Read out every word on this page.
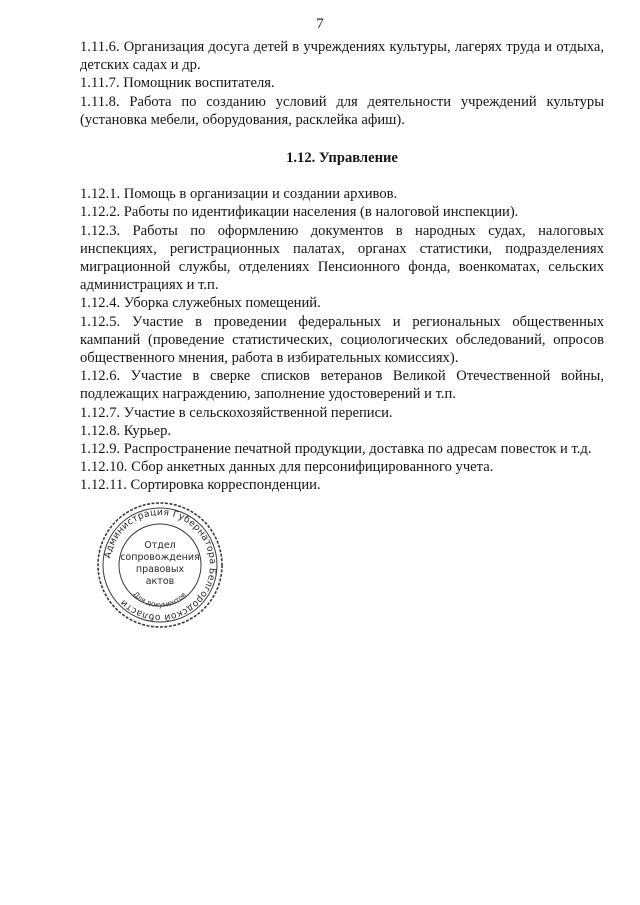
7

1.11.6. Организация досуга детей в учреждениях культуры, лагерях труда и отдыха, детских садах и др.

1.11.7. Помощник воспитателя.

1.11.8. Работа по созданию условий для деятельности учреждений культуры (установка мебели, оборудования, расклейка афиш).

1.12. Управление

1.12.1. Помощь в организации и создании архивов.

1.12.2. Работы по идентификации населения (в налоговой инспекции).

1.12.3. Работы по оформлению документов в народных судах, налоговых инспекциях, регистрационных палатах, органах статистики, подразделениях миграционной службы, отделениях Пенсионного фонда, военкоматах, сельских администрациях и т.п.

1.12.4. Уборка служебных помещений.

1.12.5. Участие в проведении федеральных и региональных общественных кампаний (проведение статистических, социологических обследований, опросов общественного мнения, работа в избирательных комиссиях).

1.12.6. Участие в сверке списков ветеранов Великой Отечественной войны, подлежащих награждению, заполнение удостоверений и т.п.

1.12.7. Участие в сельскохозяйственной переписи.

1.12.8. Курьер.

1.12.9. Распространение печатной продукции, доставка по адресам повесток и т.д.

1.12.10. Сбор анкетных данных для персонифицированного учета.

1.12.11. Сортировка корреспонденции.

Администрация Губернатора Белгородской области
Для документов
Отдел
сопровождения
правовых
актов
